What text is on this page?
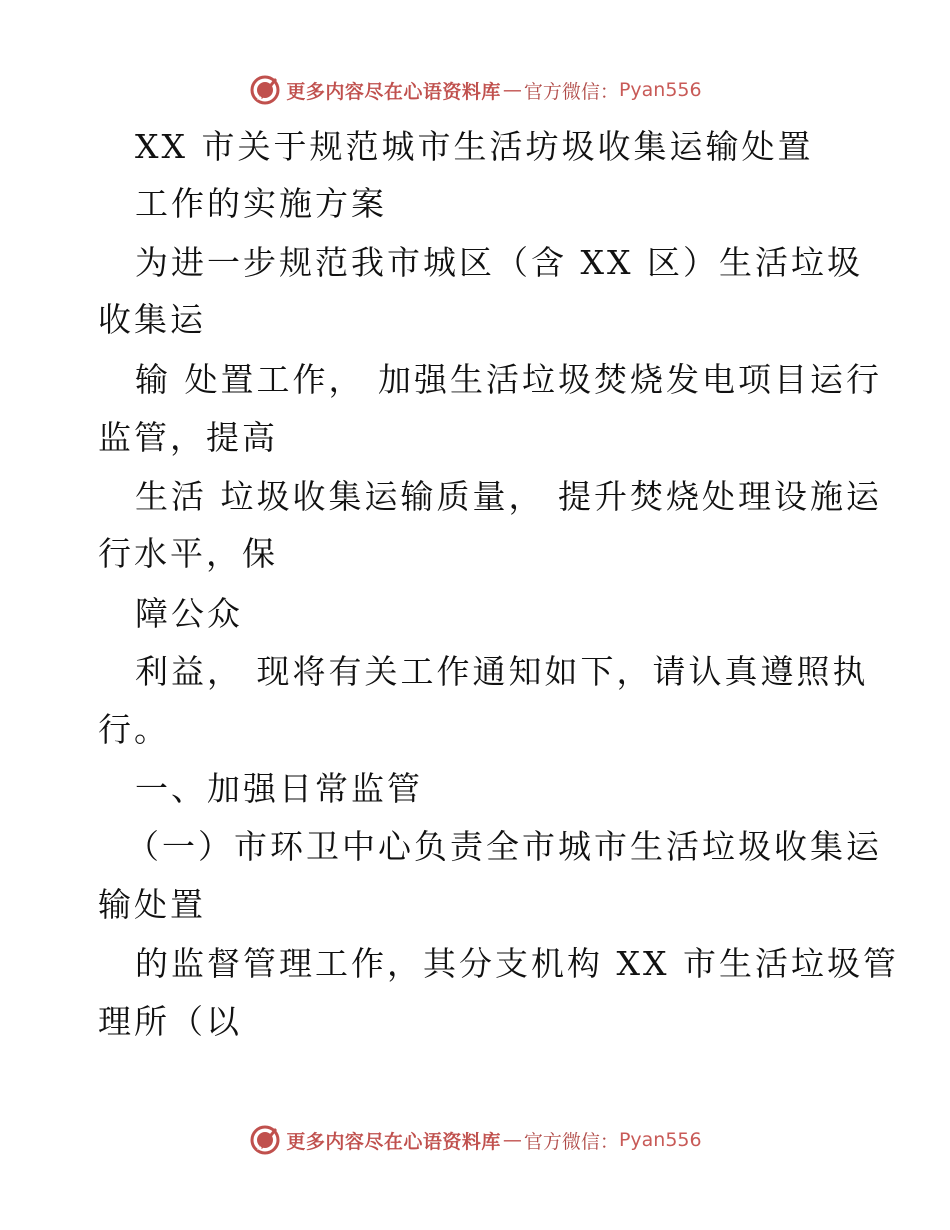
更多内容尽在心语资料库 — 官方微信： Pyan556
XX 市关于规范城市生活坊圾收集运输处置
工作的实施方案
为进一步规范我市城区（含 XX 区）生活垃圾
收集运
输 处置工作， 加强生活垃圾焚烧发电项目运行
监管，提高
生活 垃圾收集运输质量， 提升焚烧处理设施运
行水平，保
障公众
利益， 现将有关工作通知如下，请认真遵照执
行。
一、加强日常监管
（一）市环卫中心负责全市城市生活垃圾收集运
输处置
的监督管理工作，其分支机构 XX 市生活垃圾管
理所（以
更多内容尽在心语资料库 — 官方微信： Pyan556
